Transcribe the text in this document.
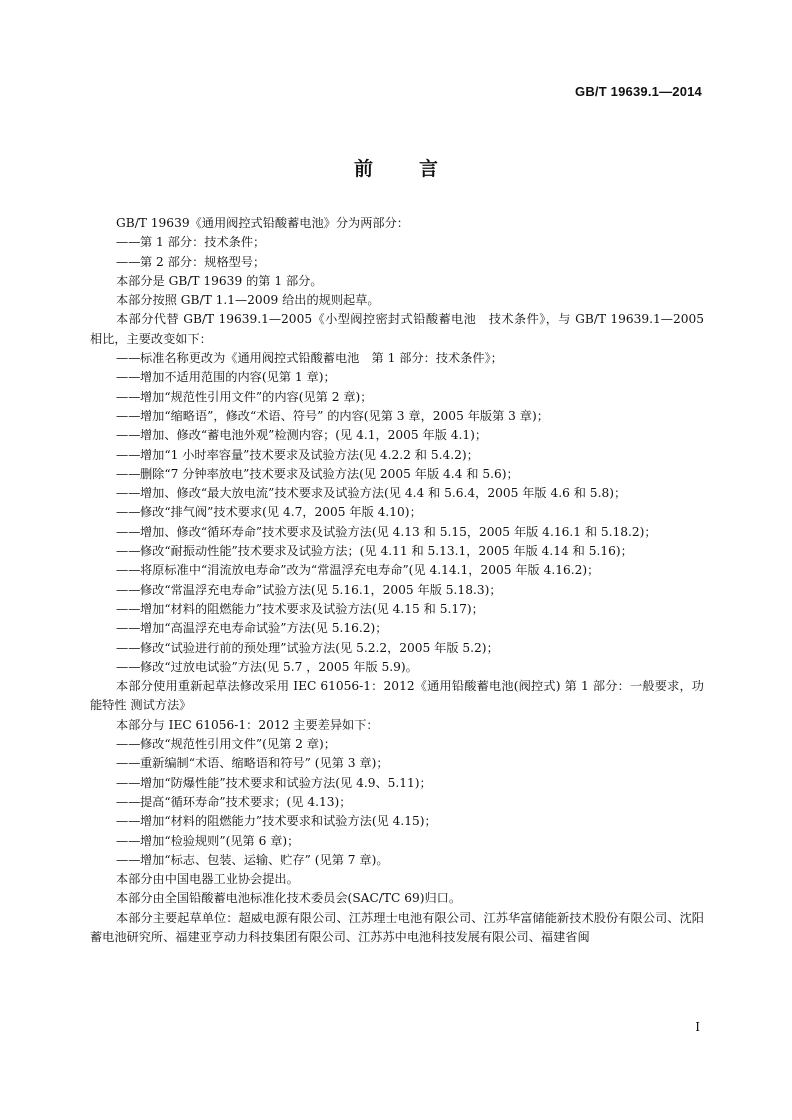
GB/T 19639.1—2014
前 言

GB/T 19639《通用阀控式铅酸蓄电池》分为两部分：

——第 1 部分：技术条件；

——第 2 部分：规格型号；

本部分是 GB/T 19639 的第 1 部分。

本部分按照 GB/T 1.1—2009 给出的规则起草。

本部分代替 GB/T 19639.1—2005《小型阀控密封式铅酸蓄电池　技术条件》，与 GB/T 19639.1—2005 相比，主要改变如下：

——标准名称更改为《通用阀控式铅酸蓄电池　第 1 部分：技术条件》；

——增加不适用范围的内容(见第 1 章)；

——增加“规范性引用文件”的内容(见第 2 章)；

——增加“缩略语”，修改“术语、符号” 的内容(见第 3 章，2005 年版第 3 章)；

——增加、修改“蓄电池外观”检测内容；(见 4.1，2005 年版 4.1)；

——增加“1 小时率容量”技术要求及试验方法(见 4.2.2 和 5.4.2)；

——删除“7 分钟率放电”技术要求及试验方法(见 2005 年版 4.4 和 5.6)；

——增加、修改“最大放电流”技术要求及试验方法(见 4.4 和 5.6.4，2005 年版 4.6 和 5.8)；

——修改“排气阀”技术要求(见 4.7，2005 年版 4.10)；

——增加、修改“循环寿命”技术要求及试验方法(见 4.13 和 5.15，2005 年版 4.16.1 和 5.18.2)；

——修改“耐振动性能”技术要求及试验方法；(见 4.11 和 5.13.1，2005 年版 4.14 和 5.16)；

——将原标准中“涓流放电寿命”改为“常温浮充电寿命”(见 4.14.1，2005 年版 4.16.2)；

——修改“常温浮充电寿命”试验方法(见 5.16.1，2005 年版 5.18.3)；

——增加“材料的阻燃能力”技术要求及试验方法(见 4.15 和 5.17)；

——增加“高温浮充电寿命试验”方法(见 5.16.2)；

——修改“试验进行前的预处理”试验方法(见 5.2.2，2005 年版 5.2)；

——修改“过放电试验”方法(见 5.7 ，2005 年版 5.9)。

本部分使用重新起草法修改采用 IEC 61056-1：2012《通用铅酸蓄电池(阀控式) 第 1 部分：一般要求，功能特性 测试方法》

本部分与 IEC 61056-1：2012 主要差异如下：

——修改“规范性引用文件”(见第 2 章)；

——重新编制“术语、缩略语和符号” (见第 3 章)；

——增加“防爆性能”技术要求和试验方法(见 4.9、5.11)；

——提高“循环寿命”技术要求；(见 4.13)；

——增加“材料的阻燃能力”技术要求和试验方法(见 4.15)；

——增加“检验规则”(见第 6 章)；

——增加“标志、包装、运输、贮存” (见第 7 章)。

本部分由中国电器工业协会提出。

本部分由全国铅酸蓄电池标准化技术委员会(SAC/TC 69)归口。

本部分主要起草单位：超威电源有限公司、江苏理士电池有限公司、江苏华富储能新技术股份有限公司、沈阳蓄电池研究所、福建亚亨动力科技集团有限公司、江苏苏中电池科技发展有限公司、福建省闽

I
